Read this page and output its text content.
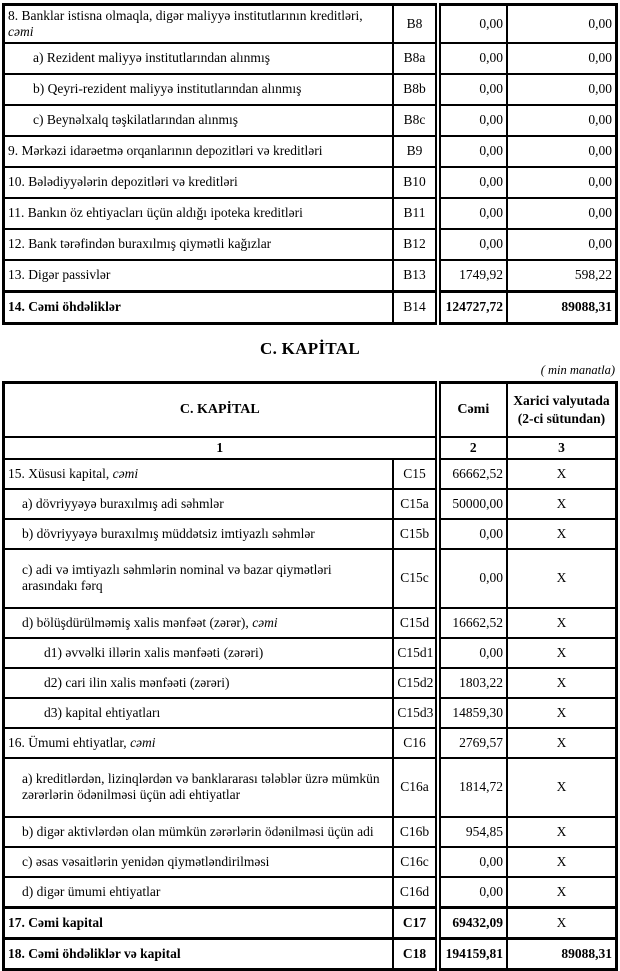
8. Banklar istisna olmaqla, digər maliyyə institutlarının kreditləri, cəmi	B8	0,00	0,00
a) Rezident maliyyə institutlarından alınmış	B8a	0,00	0,00
b) Qeyri-rezident maliyyə institutlarından alınmış	B8b	0,00	0,00
c) Beynəlxalq təşkilatlarından alınmış	B8c	0,00	0,00
9. Mərkəzi idarəetmə orqanlarının depozitləri və kreditləri	B9	0,00	0,00
10. Bələdiyyələrin depozitləri və kreditləri	B10	0,00	0,00
11. Bankın öz ehtiyacları üçün aldığı ipoteka kreditləri	B11	0,00	0,00
12. Bank tərəfindən buraxılmış qiymətli kağızlar	B12	0,00	0,00
13. Digər passivlər	B13	1749,92	598,22
14. Cəmi öhdəliklər	B14	124727,72	89088,31
C. KAPİTAL
( min manatla)
C. KAPİTAL		Cəmi	Xarici valyutada
(2-ci sütundan)

1		2	3
15. Xüsusi kapital, cəmi	C15	66662,52	X
a) dövriyyəyə buraxılmış adi səhmlər	C15a	50000,00	X
b) dövriyyəyə buraxılmış müddətsiz imtiyazlı səhmlər	C15b	0,00	X
c) adi və imtiyazlı səhmlərin nominal və bazar qiymətləri arasındakı fərq	C15c	0,00	X
d) bölüşdürülməmiş xalis mənfəət (zərər), cəmi	C15d	16662,52	X
d1) əvvəlki illərin xalis mənfəəti (zərəri)	C15d1	0,00	X
d2) cari ilin xalis mənfəəti (zərəri)	C15d2	1803,22	X
d3) kapital ehtiyatları	C15d3	14859,30	X
16. Ümumi ehtiyatlar, cəmi	C16	2769,57	X
a) kreditlərdən, lizinqlərdən və banklararası tələblər üzrə mümkün zərərlərin ödənilməsi üçün adi ehtiyatlar	C16a	1814,72	X
b) digər aktivlərdən olan mümkün zərərlərin ödənilməsi üçün adi	C16b	954,85	X
c) əsas vəsaitlərin yenidən qiymətləndirilməsi	C16c	0,00	X
d) digər ümumi ehtiyatlar	C16d	0,00	X
17. Cəmi kapital	C17	69432,09	X
18. Cəmi öhdəliklər və kapital	C18	194159,81	89088,31
